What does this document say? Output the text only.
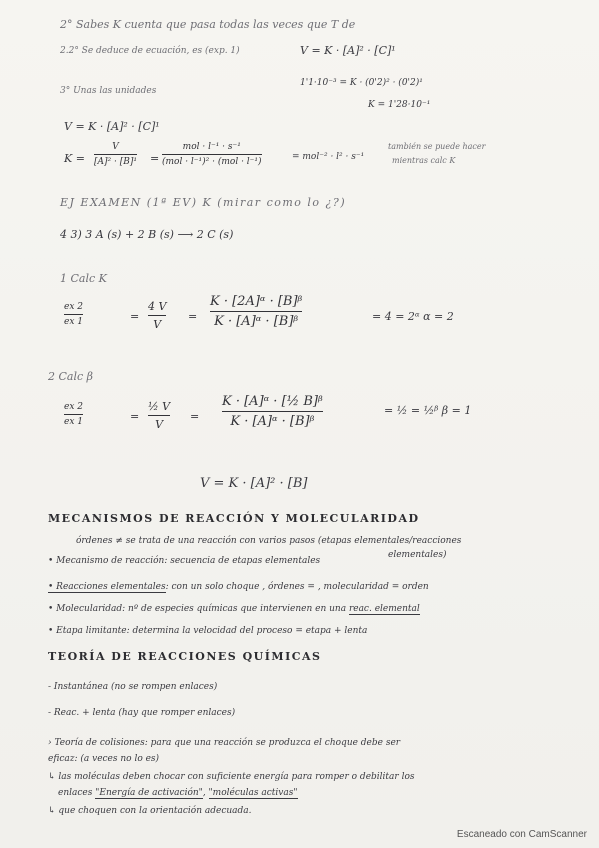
2° Sabes K cuenta que pasa todas las veces que T de
2.2° Se deduce de ecuación, es (exp. 1)	V = K · [A]² · [C]¹
3° Unas las unidades
1'1·10⁻³ = K · (0'2)² · (0'2)¹
K = 1'28·10⁻¹
V = K · [A]² · [C]¹
K =
V
[A]² · [B]¹ =
mol · l⁻¹ · s⁻¹
(mol · l⁻¹)² · (mol · l⁻¹)	= mol⁻² · l² · s⁻¹
también se puede hacer
mientras calc K
EJ EXAMEN (1ª EV) K (mirar como lo ¿?)
4 3) 3 A (s) + 2 B (s) ⟶ 2 C (s)
1 Calc K
ex 2
ex 1	=
4 V
V
=
K · [2A]ᵅ · [B]ᵝ
K · [A]ᵅ · [B]ᵝ	= 4 = 2ᵅ α = 2
2 Calc β
ex 2
ex 1	=
½ V
V
=
K · [A]ᵅ · [½ B]ᵝ
K · [A]ᵅ · [B]ᵝ
= ½ = ½ᵝ β = 1
V = K · [A]² · [B]
MECANISMOS DE REACCIÓN Y MOLECULARIDAD
órdenes ≠ se trata de una reacción con varios pasos (etapas elementales/reacciones
elementales)
• Mecanismo de reacción: secuencia de etapas elementales
• Reacciones elementales: con un solo choque , órdenes = , molecularidad = orden
• Molecularidad: nº de especies químicas que intervienen en una reac. elemental
• Etapa limitante: determina la velocidad del proceso = etapa + lenta
TEORÍA DE REACCIONES QUÍMICAS
- Instantánea (no se rompen enlaces)
- Reac. + lenta (hay que romper enlaces)
› Teoría de colisiones: para que una reacción se produzca el choque debe ser
eficaz: (a veces no lo es)
↳ las moléculas deben chocar con suficiente energía para romper o debilitar los
enlaces "Energía de activación", "moléculas activas"
↳ que choquen con la orientación adecuada.
Escaneado con CamScanner
